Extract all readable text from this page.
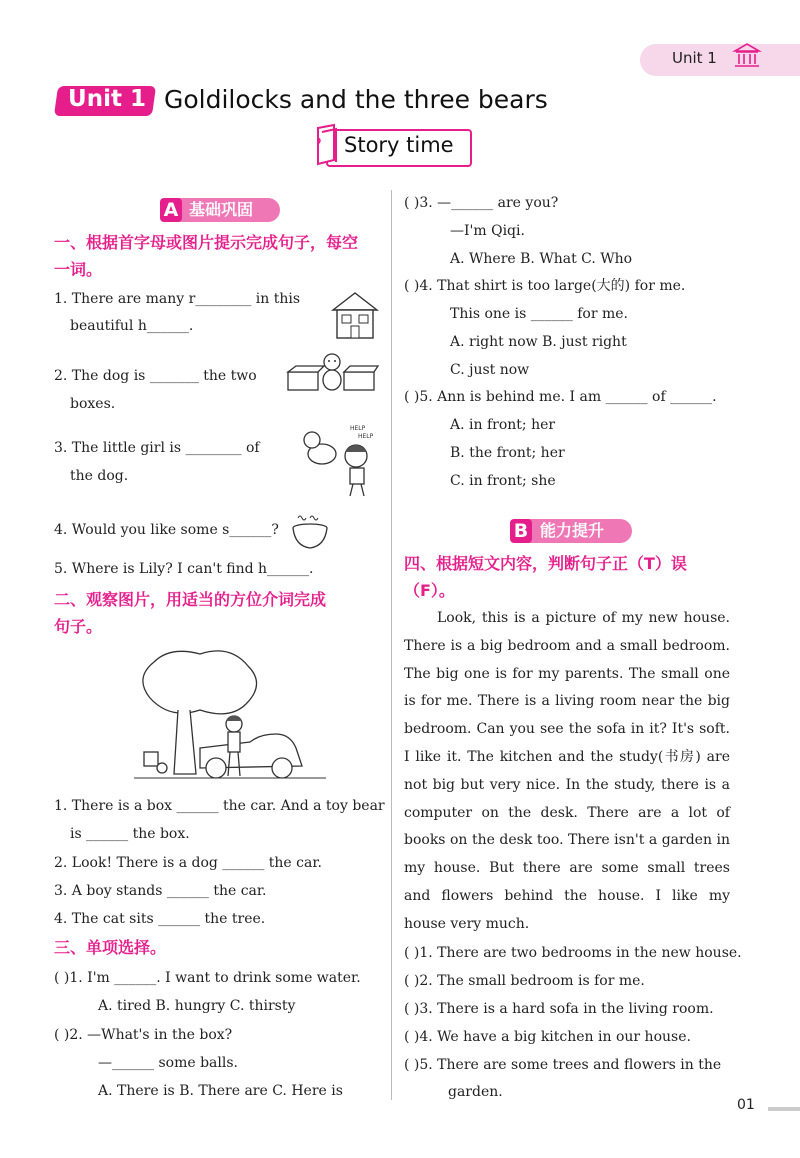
Unit 1
Unit 1 Goldilocks and the three bears
Story time
A 基础巩固
一、根据首字母或图片提示完成句子，每空
一词。
1. There are many r________ in this
beautiful h______.
2. The dog is _______ the two
boxes.
3. The little girl is ________ of
the dog.
HELP
HELP
4. Would you like some s______?
5. Where is Lily? I can't find h______.
二、观察图片，用适当的方位介词完成
句子。
1. There is a box ______ the car. And a toy bear
is ______ the box.
2. Look! There is a dog ______ the car.
3. A boy stands ______ the car.
4. The cat sits ______ the tree.
三、单项选择。
( )1. I'm ______. I want to drink some water.
A. tired B. hungry C. thirsty
( )2. —What's in the box?
—______ some balls.
A. There is B. There are C. Here is
( )3. —______ are you?
—I'm Qiqi.
A. Where B. What C. Who
( )4. That shirt is too large(大的) for me.
This one is ______ for me.
A. right now B. just right
C. just now
( )5. Ann is behind me. I am ______ of ______.
A. in front; her
B. the front; her
C. in front; she
B 能力提升
四、根据短文内容，判断句子正（T）误
（F）。
Look, this is a picture of my new house. There is a big bedroom and a small bedroom. The big one is for my parents. The small one is for me. There is a living room near the big bedroom. Can you see the sofa in it? It's soft. I like it. The kitchen and the study(书房) are not big but very nice. In the study, there is a computer on the desk. There are a lot of books on the desk too. There isn't a garden in my house. But there are some small trees and flowers behind the house. I like my house very much.
( )1. There are two bedrooms in the new house.
( )2. The small bedroom is for me.
( )3. There is a hard sofa in the living room.
( )4. We have a big kitchen in our house.
( )5. There are some trees and flowers in the
garden.
01
